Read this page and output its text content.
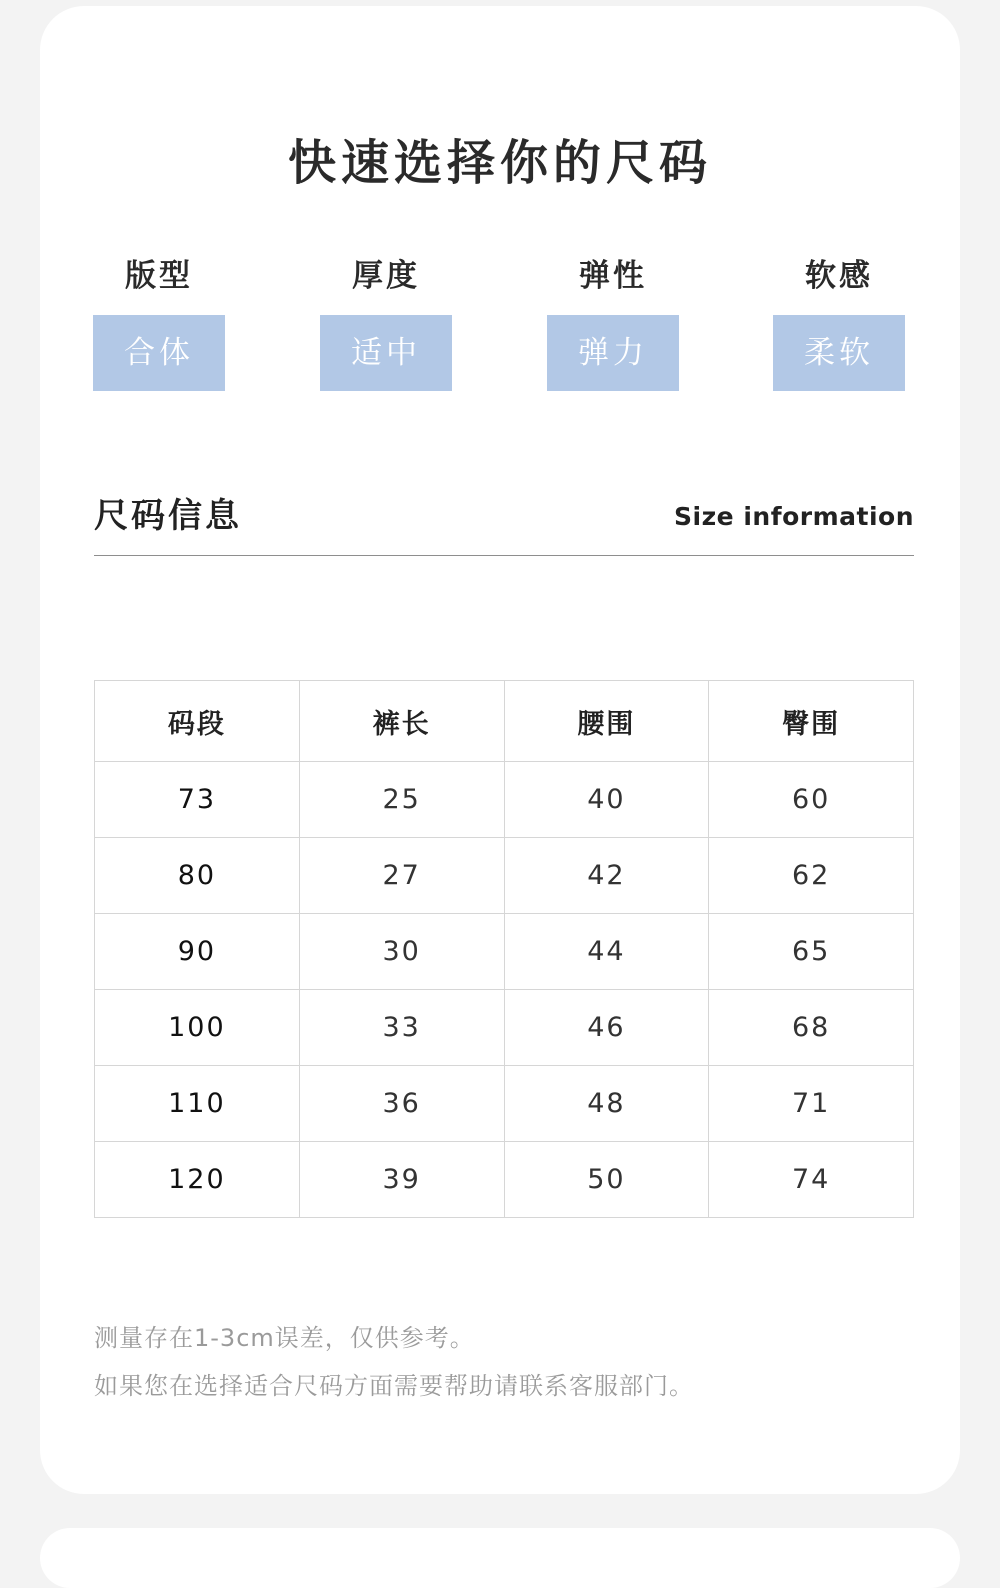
快速选择你的尺码
版型
合体
厚度
适中
弹性
弹力
软感
柔软
尺码信息	Size information
码段	裤长	腰围	臀围
73	25	40	60
80	27	42	62
90	30	44	65
100	33	46	68
110	36	48	71
120	39	50	74
测量存在1-3cm误差，仅供参考。
如果您在选择适合尺码方面需要帮助请联系客服部门。
